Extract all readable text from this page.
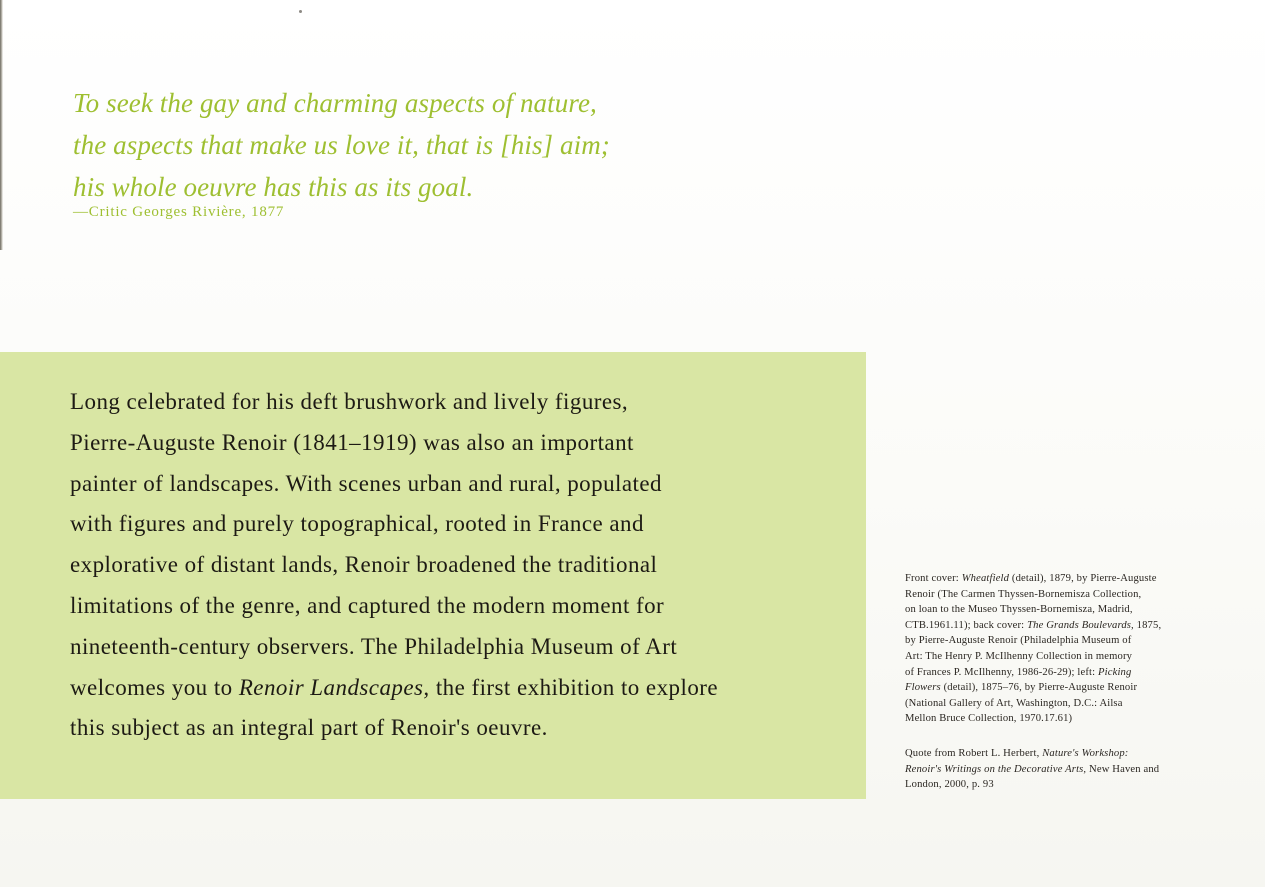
To seek the gay and charming aspects of nature,
the aspects that make us love it, that is [his] aim;
his whole oeuvre has this as its goal.
—Critic Georges Rivière, 1877
Long celebrated for his deft brushwork and lively figures,
Pierre-Auguste Renoir (1841–1919) was also an important
painter of landscapes. With scenes urban and rural, populated
with figures and purely topographical, rooted in France and
explorative of distant lands, Renoir broadened the traditional
limitations of the genre, and captured the modern moment for
nineteenth-century observers. The Philadelphia Museum of Art
welcomes you to Renoir Landscapes, the first exhibition to explore
this subject as an integral part of Renoir's oeuvre.
Front cover: Wheatfield (detail), 1879, by Pierre-Auguste
Renoir (The Carmen Thyssen-Bornemisza Collection,
on loan to the Museo Thyssen-Bornemisza, Madrid,
CTB.1961.11); back cover: The Grands Boulevards, 1875,
by Pierre-Auguste Renoir (Philadelphia Museum of
Art: The Henry P. McIlhenny Collection in memory
of Frances P. McIlhenny, 1986-26-29); left: Picking
Flowers (detail), 1875–76, by Pierre-Auguste Renoir
(National Gallery of Art, Washington, D.C.: Ailsa
Mellon Bruce Collection, 1970.17.61)
Quote from Robert L. Herbert, Nature's Workshop:
Renoir's Writings on the Decorative Arts, New Haven and
London, 2000, p. 93
